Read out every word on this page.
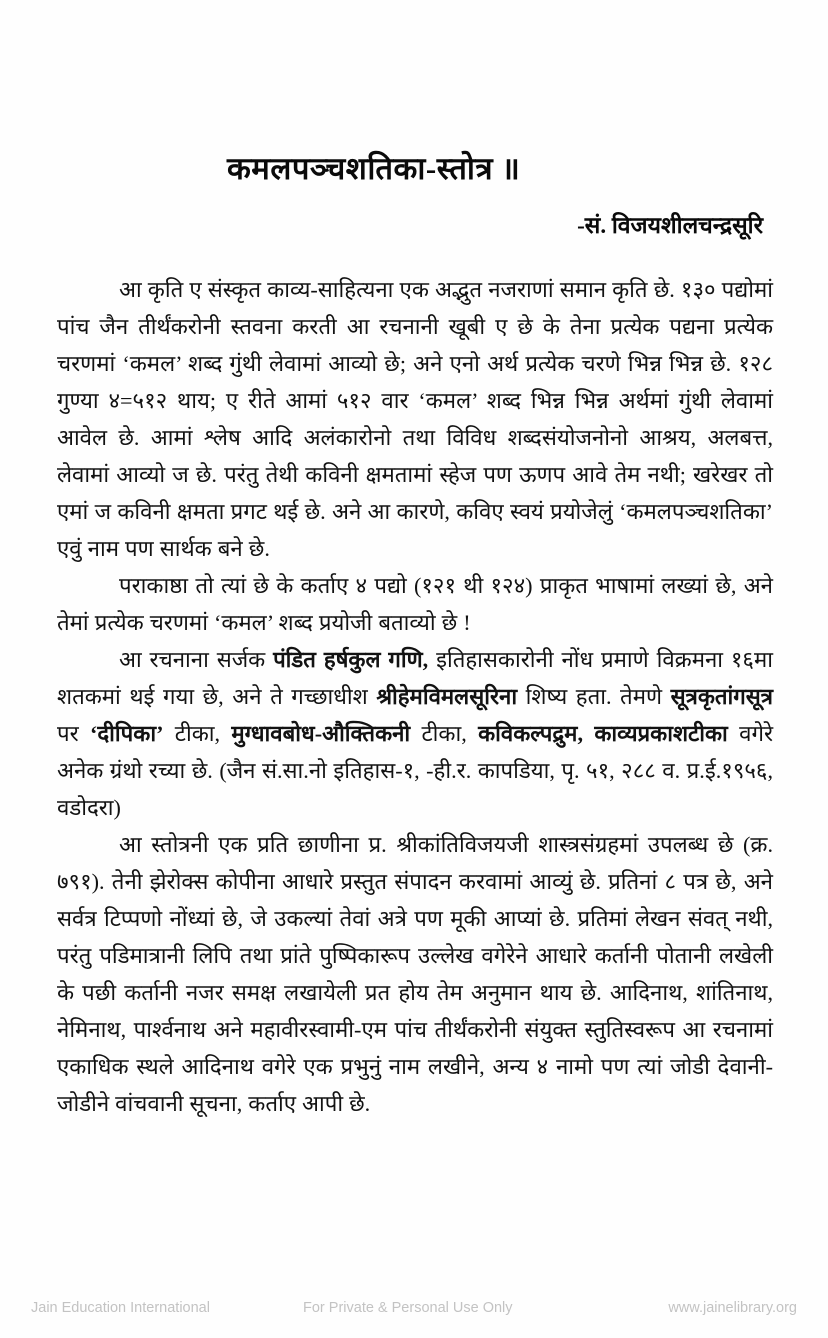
कमलपञ्चशतिका-स्तोत्र ॥
-सं. विजयशीलचन्द्रसूरि

आ कृति ए संस्कृत काव्य-साहित्यना एक अद्भुत नजराणां समान कृति छे. १३० पद्योमां पांच जैन तीर्थंकरोनी स्तवना करती आ रचनानी खूबी ए छे के तेना प्रत्येक पद्यना प्रत्येक चरणमां ‘कमल’ शब्द गुंथी लेवामां आव्यो छे; अने एनो अर्थ प्रत्येक चरणे भिन्न भिन्न छे. १२८ गुण्या ४=५१२ थाय; ए रीते आमां ५१२ वार ‘कमल’ शब्द भिन्न भिन्न अर्थमां गुंथी लेवामां आवेल छे. आमां श्लेष आदि अलंकारोनो तथा विविध शब्दसंयोजनोनो आश्रय, अलबत्त, लेवामां आव्यो ज छे. परंतु तेथी कविनी क्षमतामां स्हेज पण ऊणप आवे तेम नथी; खरेखर तो एमां ज कविनी क्षमता प्रगट थई छे. अने आ कारणे, कविए स्वयं प्रयोजेलुं ‘कमलपञ्चशतिका’ एवुं नाम पण सार्थक बने छे.

पराकाष्ठा तो त्यां छे के कर्ताए ४ पद्यो (१२१ थी १२४) प्राकृत भाषामां लख्यां छे, अने तेमां प्रत्येक चरणमां ‘कमल’ शब्द प्रयोजी बताव्यो छे !

आ रचनाना सर्जक पंडित हर्षकुल गणि, इतिहासकारोनी नोंध प्रमाणे विक्रमना १६मा शतकमां थई गया छे, अने ते गच्छाधीश श्रीहेमविमलसूरिना शिष्य हता. तेमणे सूत्रकृतांगसूत्र पर ‘दीपिका’ टीका, मुग्धावबोध-औक्तिकनी टीका, कविकल्पद्रुम, काव्यप्रकाशटीका वगेरे अनेक ग्रंथो रच्या छे. (जैन सं.सा.नो इतिहास-१, -ही.र. कापडिया, पृ. ५१, २८८ व. प्र.ई.१९५६, वडोदरा)

आ स्तोत्रनी एक प्रति छाणीना प्र. श्रीकांतिविजयजी शास्त्रसंग्रहमां उपलब्ध छे (क्र. ७९१). तेनी झेरोक्स कोपीना आधारे प्रस्तुत संपादन करवामां आव्युं छे. प्रतिनां ८ पत्र छे, अने सर्वत्र टिप्पणो नोंध्यां छे, जे उकल्यां तेवां अत्रे पण मूकी आप्यां छे. प्रतिमां लेखन संवत् नथी, परंतु पडिमात्रानी लिपि तथा प्रांते पुष्पिकारूप उल्लेख वगेरेने आधारे कर्तानी पोतानी लखेली के पछी कर्तानी नजर समक्ष लखायेली प्रत होय तेम अनुमान थाय छे. आदिनाथ, शांतिनाथ, नेमिनाथ, पार्श्वनाथ अने महावीरस्वामी-एम पांच तीर्थंकरोनी संयुक्त स्तुतिस्वरूप आ रचनामां एकाधिक स्थले आदिनाथ वगेरे एक प्रभुनुं नाम लखीने, अन्य ४ नामो पण त्यां जोडी देवानी-जोडीने वांचवानी सूचना, कर्ताए आपी छे.

Jain Education International	For Private & Personal Use Only	www.jainelibrary.org
